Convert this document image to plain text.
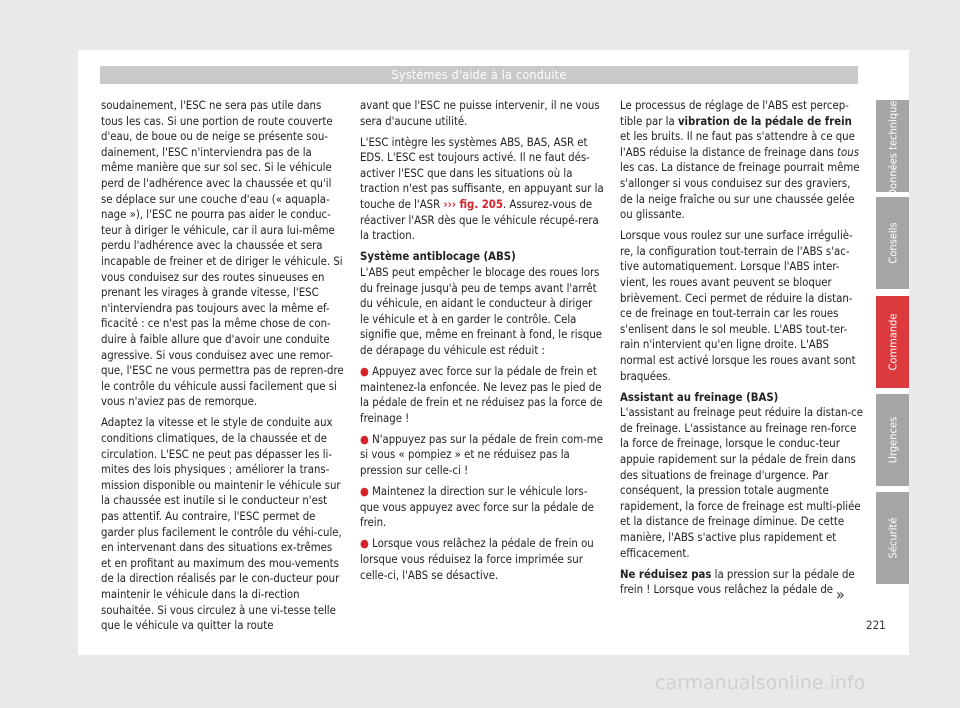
Systèmes d'aide à la conduite

soudainement, l'ESC ne sera pas utile dans tous les cas. Si une portion de route couverte d'eau, de boue ou de neige se présente sou-dainement, l'ESC n'interviendra pas de la même manière que sur sol sec. Si le véhicule perd de l'adhérence avec la chaussée et qu'il se déplace sur une couche d'eau (« aquapla-nage »), l'ESC ne pourra pas aider le conduc-teur à diriger le véhicule, car il aura lui-même perdu l'adhérence avec la chaussée et sera incapable de freiner et de diriger le véhicule. Si vous conduisez sur des routes sinueuses en prenant les virages à grande vitesse, l'ESC n'interviendra pas toujours avec la même ef-ficacité : ce n'est pas la même chose de con-duire à faible allure que d'avoir une conduite agressive. Si vous conduisez avec une remor-que, l'ESC ne vous permettra pas de repren-dre le contrôle du véhicule aussi facilement que si vous n'aviez pas de remorque.

Adaptez la vitesse et le style de conduite aux conditions climatiques, de la chaussée et de circulation. L'ESC ne peut pas dépasser les li-mites des lois physiques ; améliorer la trans-mission disponible ou maintenir le véhicule sur la chaussée est inutile si le conducteur n'est pas attentif. Au contraire, l'ESC permet de garder plus facilement le contrôle du véhi-cule, en intervenant dans des situations ex-trêmes et en profitant au maximum des mou-vements de la direction réalisés par le con-ducteur pour maintenir le véhicule dans la di-rection souhaitée. Si vous circulez à une vi-tesse telle que le véhicule va quitter la route

avant que l'ESC ne puisse intervenir, il ne vous sera d'aucune utilité.

L'ESC intègre les systèmes ABS, BAS, ASR et EDS. L'ESC est toujours activé. Il ne faut dés-activer l'ESC que dans les situations où la traction n'est pas suffisante, en appuyant sur la touche de l'ASR ››› fig. 205. Assurez-vous de réactiver l'ASR dès que le véhicule récupé-rera la traction.

Système antiblocage (ABS)

L'ABS peut empêcher le blocage des roues lors du freinage jusqu'à peu de temps avant l'arrêt du véhicule, en aidant le conducteur à diriger le véhicule et à en garder le contrôle. Cela signifie que, même en freinant à fond, le risque de dérapage du véhicule est réduit :

● Appuyez avec force sur la pédale de frein et maintenez-la enfoncée. Ne levez pas le pied de la pédale de frein et ne réduisez pas la force de freinage !

● N'appuyez pas sur la pédale de frein com-me si vous « pompiez » et ne réduisez pas la pression sur celle-ci !

● Maintenez la direction sur le véhicule lors-que vous appuyez avec force sur la pédale de frein.

● Lorsque vous relâchez la pédale de frein ou lorsque vous réduisez la force imprimée sur celle-ci, l'ABS se désactive.

Le processus de réglage de l'ABS est percep-tible par la vibration de la pédale de frein et les bruits. Il ne faut pas s'attendre à ce que l'ABS réduise la distance de freinage dans tous les cas. La distance de freinage pourrait même s'allonger si vous conduisez sur des graviers, de la neige fraîche ou sur une chaussée gelée ou glissante.

Lorsque vous roulez sur une surface irréguliè-re, la configuration tout-terrain de l'ABS s'ac-tive automatiquement. Lorsque l'ABS inter-vient, les roues avant peuvent se bloquer brièvement. Ceci permet de réduire la distan-ce de freinage en tout-terrain car les roues s'enlisent dans le sol meuble. L'ABS tout-ter-rain n'intervient qu'en ligne droite. L'ABS normal est activé lorsque les roues avant sont braquées.

Assistant au freinage (BAS)

L'assistant au freinage peut réduire la distan-ce de freinage. L'assistance au freinage ren-force la force de freinage, lorsque le conduc-teur appuie rapidement sur la pédale de frein dans des situations de freinage d'urgence. Par conséquent, la pression totale augmente rapidement, la force de freinage est multi-pliée et la distance de freinage diminue. De cette manière, l'ABS s'active plus rapidement et efficacement.

Ne réduisez pas la pression sur la pédale de frein ! Lorsque vous relâchez la pédale de

Données techniques
Conseils
Commande
Urgences
Sécurité
»
221
carmanualsonline.info
